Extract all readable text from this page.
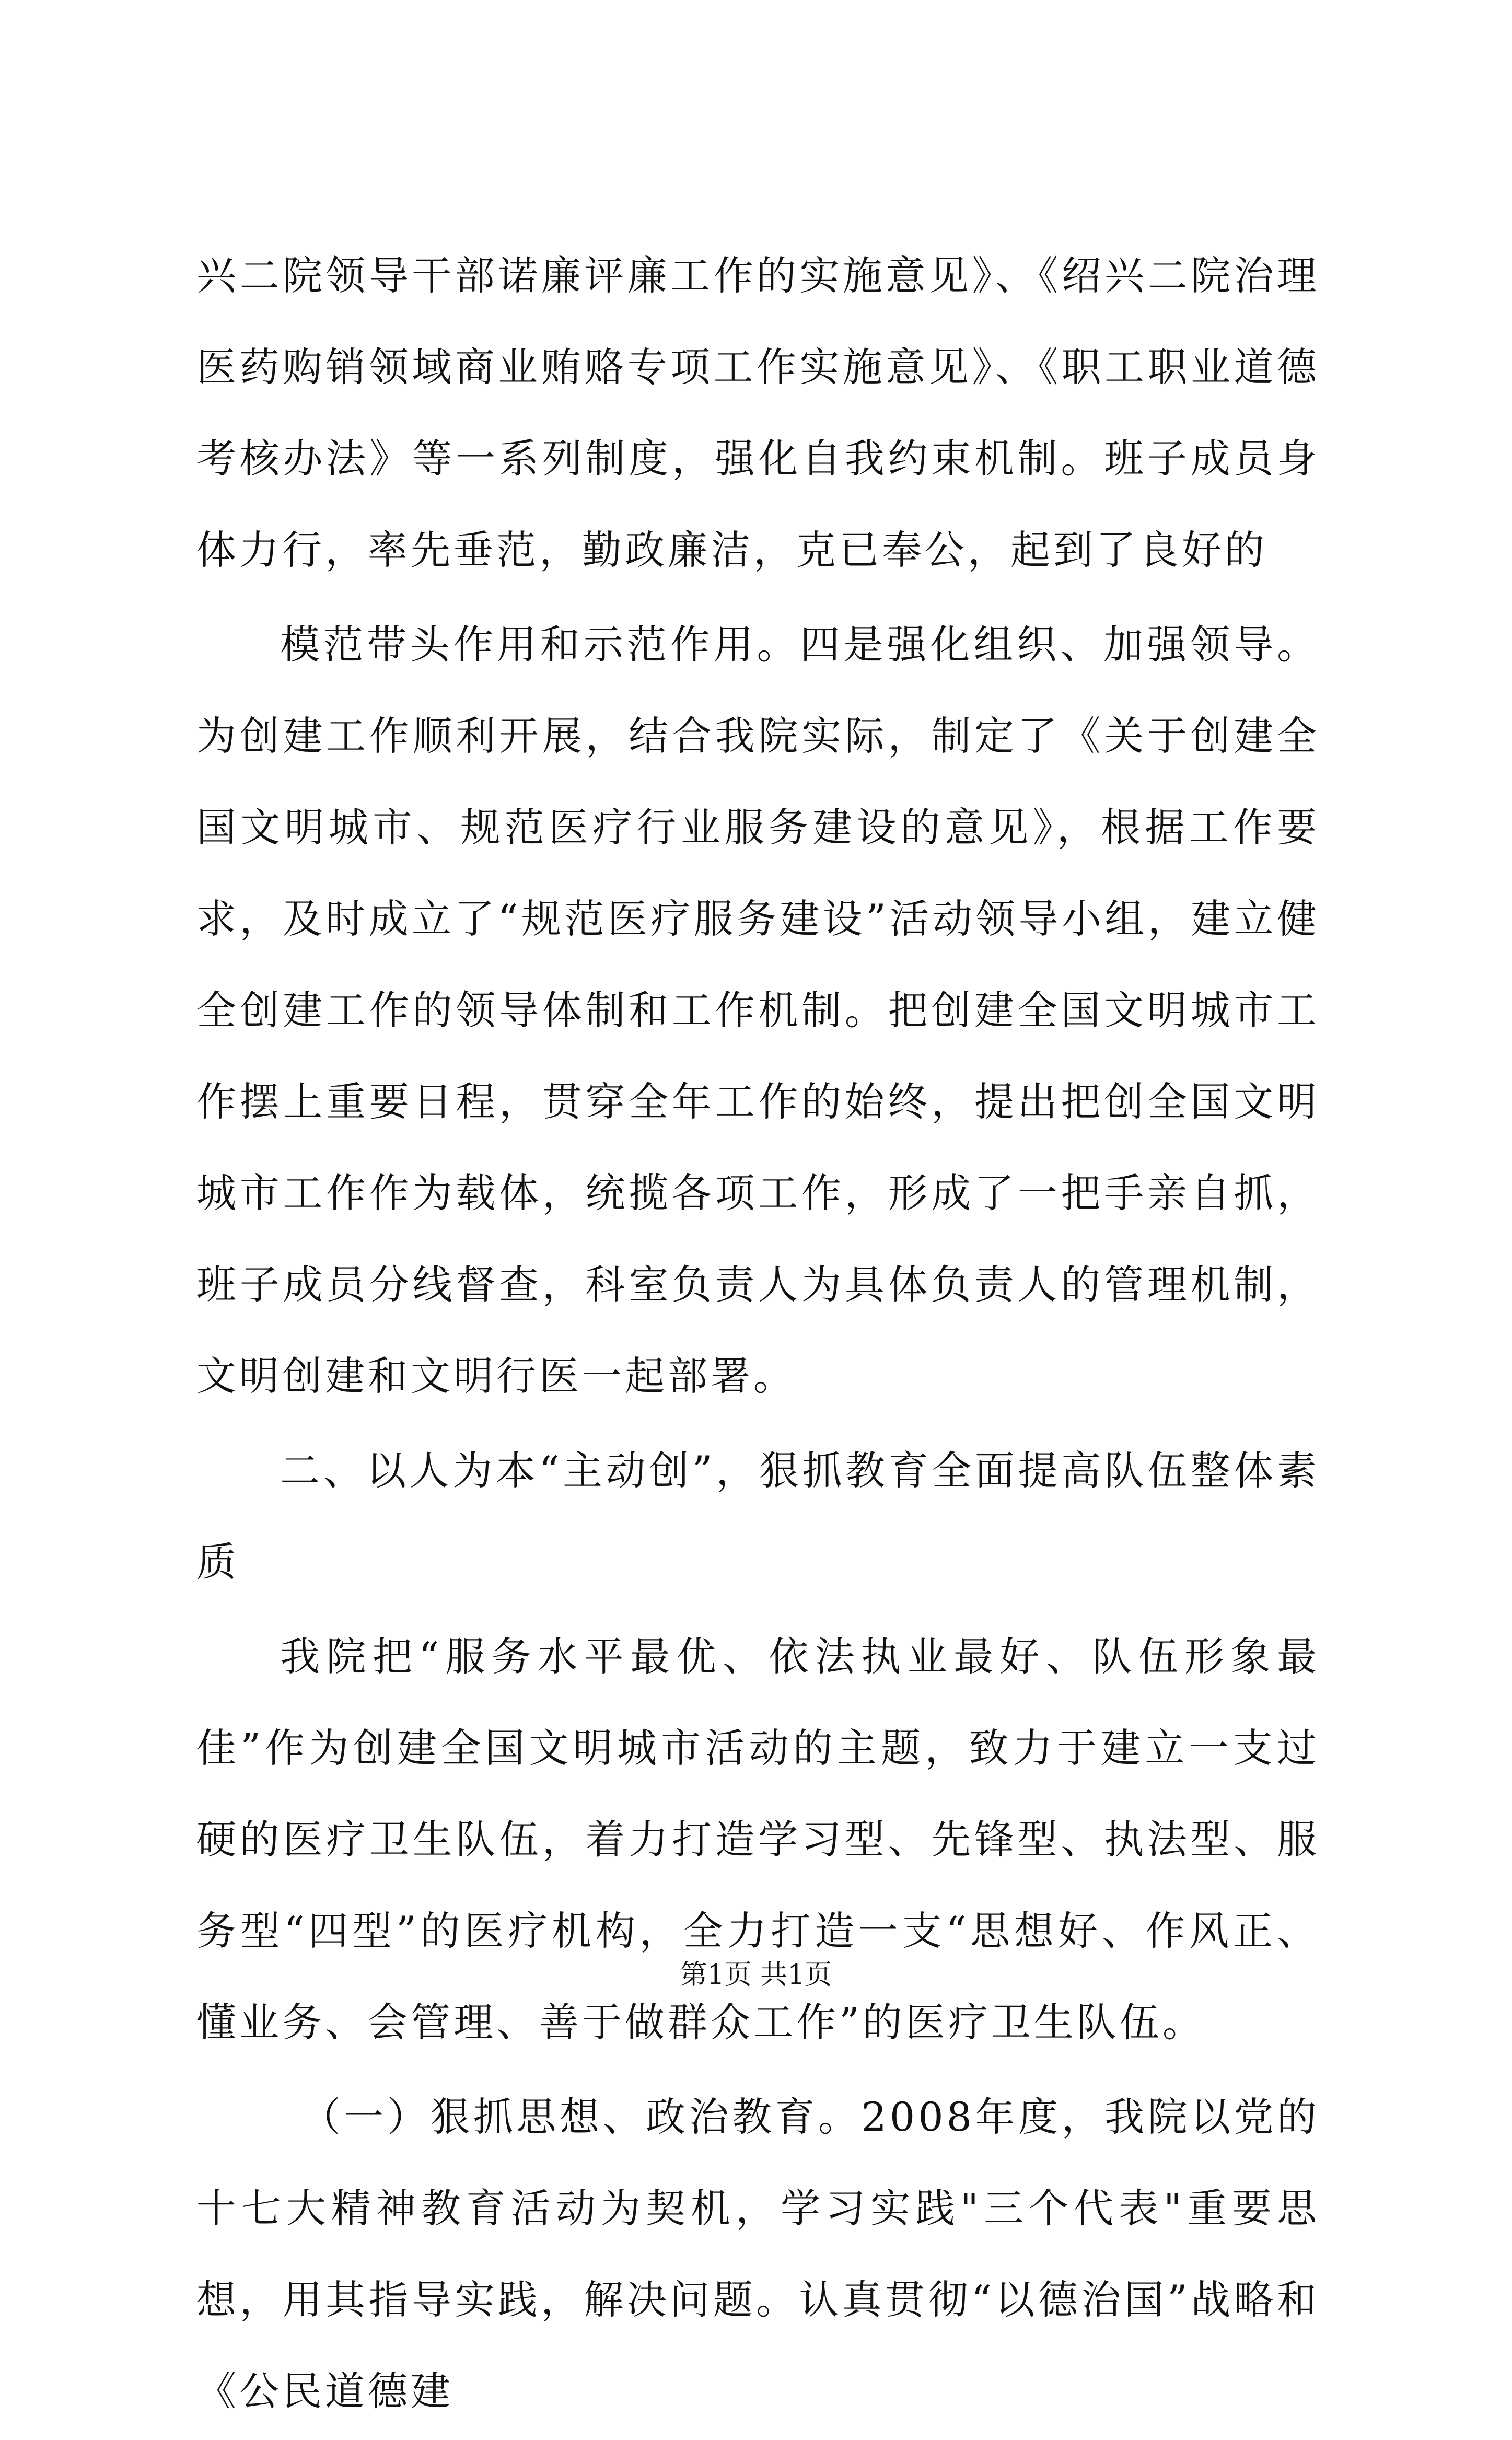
兴二院领导干部诺廉评廉工作的实施意见》、《绍兴二院治理医药购销领域商业贿赂专项工作实施意见》、《职工职业道德考核办法》等一系列制度，强化自我约束机制。班子成员身体力行，率先垂范，勤政廉洁，克已奉公，起到了良好的

模范带头作用和示范作用。四是强化组织、加强领导。为创建工作顺利开展，结合我院实际，制定了《关于创建全国文明城市、规范医疗行业服务建设的意见》，根据工作要求，及时成立了“规范医疗服务建设”活动领导小组，建立健全创建工作的领导体制和工作机制。把创建全国文明城市工作摆上重要日程，贯穿全年工作的始终，提出把创全国文明城市工作作为载体，统揽各项工作，形成了一把手亲自抓，班子成员分线督查，科室负责人为具体负责人的管理机制，文明创建和文明行医一起部署。

二、以人为本“主动创”，狠抓教育全面提高队伍整体素质

我院把“服务水平最优、依法执业最好、队伍形象最佳”作为创建全国文明城市活动的主题，致力于建立一支过硬的医疗卫生队伍，着力打造学习型、先锋型、执法型、服务型“四型”的医疗机构，全力打造一支“思想好、作风正、懂业务、会管理、善于做群众工作”的医疗卫生队伍。

（一）狠抓思想、政治教育。2008年度，我院以党的十七大精神教育活动为契机，学习实践"三个代表"重要思想，用其指导实践，解决问题。认真贯彻“以德治国”战略和《公民道德建

第1页 共1页
